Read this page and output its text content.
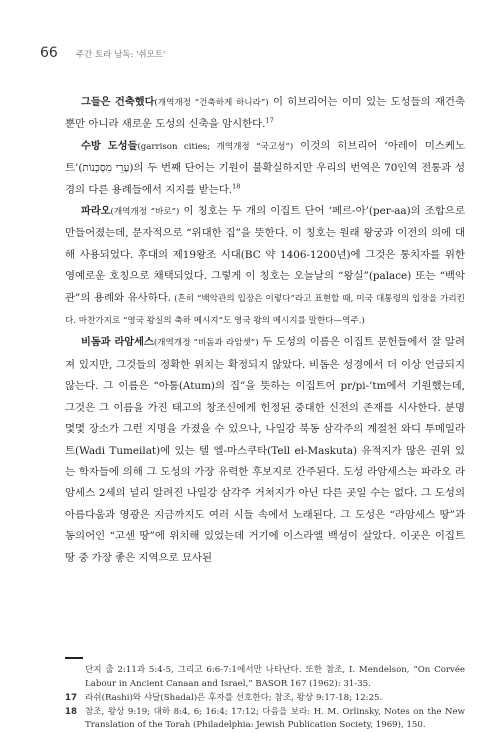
66 주간 토라 남독: '쉬모트'

그들은 건축했다(개역개정 “건축하게 하니라”) 이 히브리어는 이미 있는 도성들의 재건축뿐만 아니라 새로운 도성의 신축을 암시한다.$^{17}$

수방 도성들(garrison cities; 개역개정 “국고성”) 이것의 히브리어 ‘아레이 미스케노트’(עָרֵי מִסְכְּנוֹת)의 두 번째 단어는 기원이 불확실하지만 우리의 번역은 70인역 전통과 성경의 다른 용례들에서 지지를 받는다.$^{18}$

파라오(개역개정 “바로”) 이 칭호는 두 개의 이집트 단어 ‘페르-아’(per-aa)의 조합으로 만들어졌는데, 문자적으로 “위대한 집”을 뜻한다. 이 칭호는 원래 왕궁과 이전의 의에 대해 사용되었다. 후대의 제19왕조 시대(BC 약 1406-1200년)에 그것은 통치자를 위한 영예로운 호칭으로 채택되었다. 그렇게 이 칭호는 오늘날의 “왕실”(palace) 또는 “백악관”의 용례와 유사하다. (흔히 “백악관의 입장은 이렇다”라고 표현할 때, 미국 대통령의 입장을 가리킨다. 마찬가지로 “영국 왕실의 축하 메시지”도 영국 왕의 메시지를 말한다—역주.)

비돔과 라암세스(개역개정 “비돔과 라암셋”) 두 도성의 이름은 이집트 문헌들에서 잘 알려져 있지만, 그것들의 정확한 위치는 확정되지 않았다. 비돔은 성경에서 더 이상 언급되지 않는다. 그 이름은 “아툼(Atum)의 집”을 뜻하는 이집트어 pr/pi-’tm에서 기원했는데, 그것은 그 이름을 가진 태고의 창조신에게 헌정된 중대한 신전의 존재를 시사한다. 분명 몇몇 장소가 그런 지명을 가졌을 수 있으나, 나일강 북동 삼각주의 계절천 와디 투메일라트(Wadi Tumeilat)에 있는 텔 엘-마스쿠타(Tell el-Maskuta) 유적지가 많은 권위 있는 학자들에 의해 그 도성의 가장 유력한 후보지로 간주된다. 도성 라암세스는 파라오 라암세스 2세의 널리 알려진 나일강 삼각주 거처지가 아닌 다른 곳일 수는 없다. 그 도성의 아름다움과 영광은 지금까지도 여러 시들 속에서 노래된다. 그 도성은 “라암세스 땅”과 동의어인 “고센 땅”에 위치해 있었는데 거기에 이스라엘 백성이 살았다. 이곳은 이집트 땅 중 가장 좋은 지역으로 묘사된

단지 출 2:11과 5:4-5, 그리고 6:6-7:1에서만 나타난다. 또한 참조, I. Mendelson, “On Corvée Labour in Ancient Canaan and Israel,” BASOR 167 (1962): 31-35.
17 라쉬(Rashi)와 샤달(Shadal)은 후자를 선호한다; 참조, 왕상 9:17-18; 12:25.
18 참조, 왕상 9:19; 대하 8:4, 6; 16:4; 17:12; 다음을 보라: H. M. Orlinsky, Notes on the New Translation of the Torah (Philadelphia: Jewish Publication Society, 1969), 150.
